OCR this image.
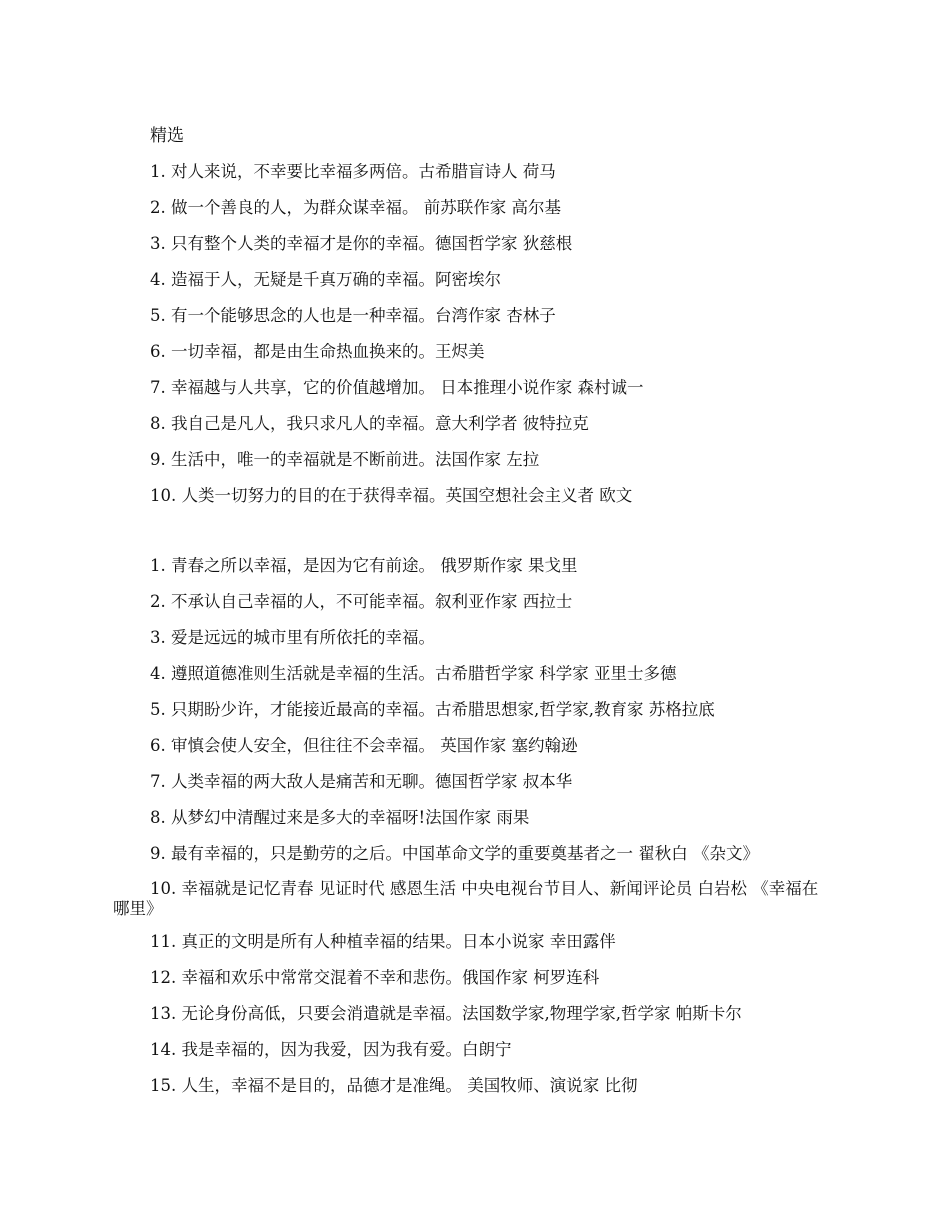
精选
1. 对人来说，不幸要比幸福多两倍。古希腊盲诗人 荷马
2. 做一个善良的人，为群众谋幸福。 前苏联作家 高尔基
3. 只有整个人类的幸福才是你的幸福。德国哲学家 狄慈根
4. 造福于人，无疑是千真万确的幸福。阿密埃尔
5. 有一个能够思念的人也是一种幸福。台湾作家 杏林子
6. 一切幸福，都是由生命热血换来的。王烬美
7. 幸福越与人共享，它的价值越增加。 日本推理小说作家 森村诚一
8. 我自己是凡人，我只求凡人的幸福。意大利学者 彼特拉克
9. 生活中，唯一的幸福就是不断前进。法国作家 左拉
10. 人类一切努力的目的在于获得幸福。英国空想社会主义者 欧文
1. 青春之所以幸福，是因为它有前途。 俄罗斯作家 果戈里
2. 不承认自己幸福的人，不可能幸福。叙利亚作家 西拉士
3. 爱是远远的城市里有所依托的幸福。
4. 遵照道德准则生活就是幸福的生活。古希腊哲学家 科学家 亚里士多德
5. 只期盼少许，才能接近最高的幸福。古希腊思想家,哲学家,教育家 苏格拉底
6. 审慎会使人安全，但往往不会幸福。 英国作家 塞约翰逊
7. 人类幸福的两大敌人是痛苦和无聊。德国哲学家 叔本华
8. 从梦幻中清醒过来是多大的幸福呀!法国作家 雨果
9. 最有幸福的，只是勤劳的之后。中国革命文学的重要奠基者之一 翟秋白 《杂文》
10. 幸福就是记忆青春 见证时代 感恩生活 中央电视台节目人、新闻评论员 白岩松 《幸福在哪里》
11. 真正的文明是所有人种植幸福的结果。日本小说家 幸田露伴
12. 幸福和欢乐中常常交混着不幸和悲伤。俄国作家 柯罗连科
13. 无论身份高低，只要会消遣就是幸福。法国数学家,物理学家,哲学家 帕斯卡尔
14. 我是幸福的，因为我爱，因为我有爱。白朗宁
15. 人生，幸福不是目的，品德才是准绳。 美国牧师、演说家 比彻
